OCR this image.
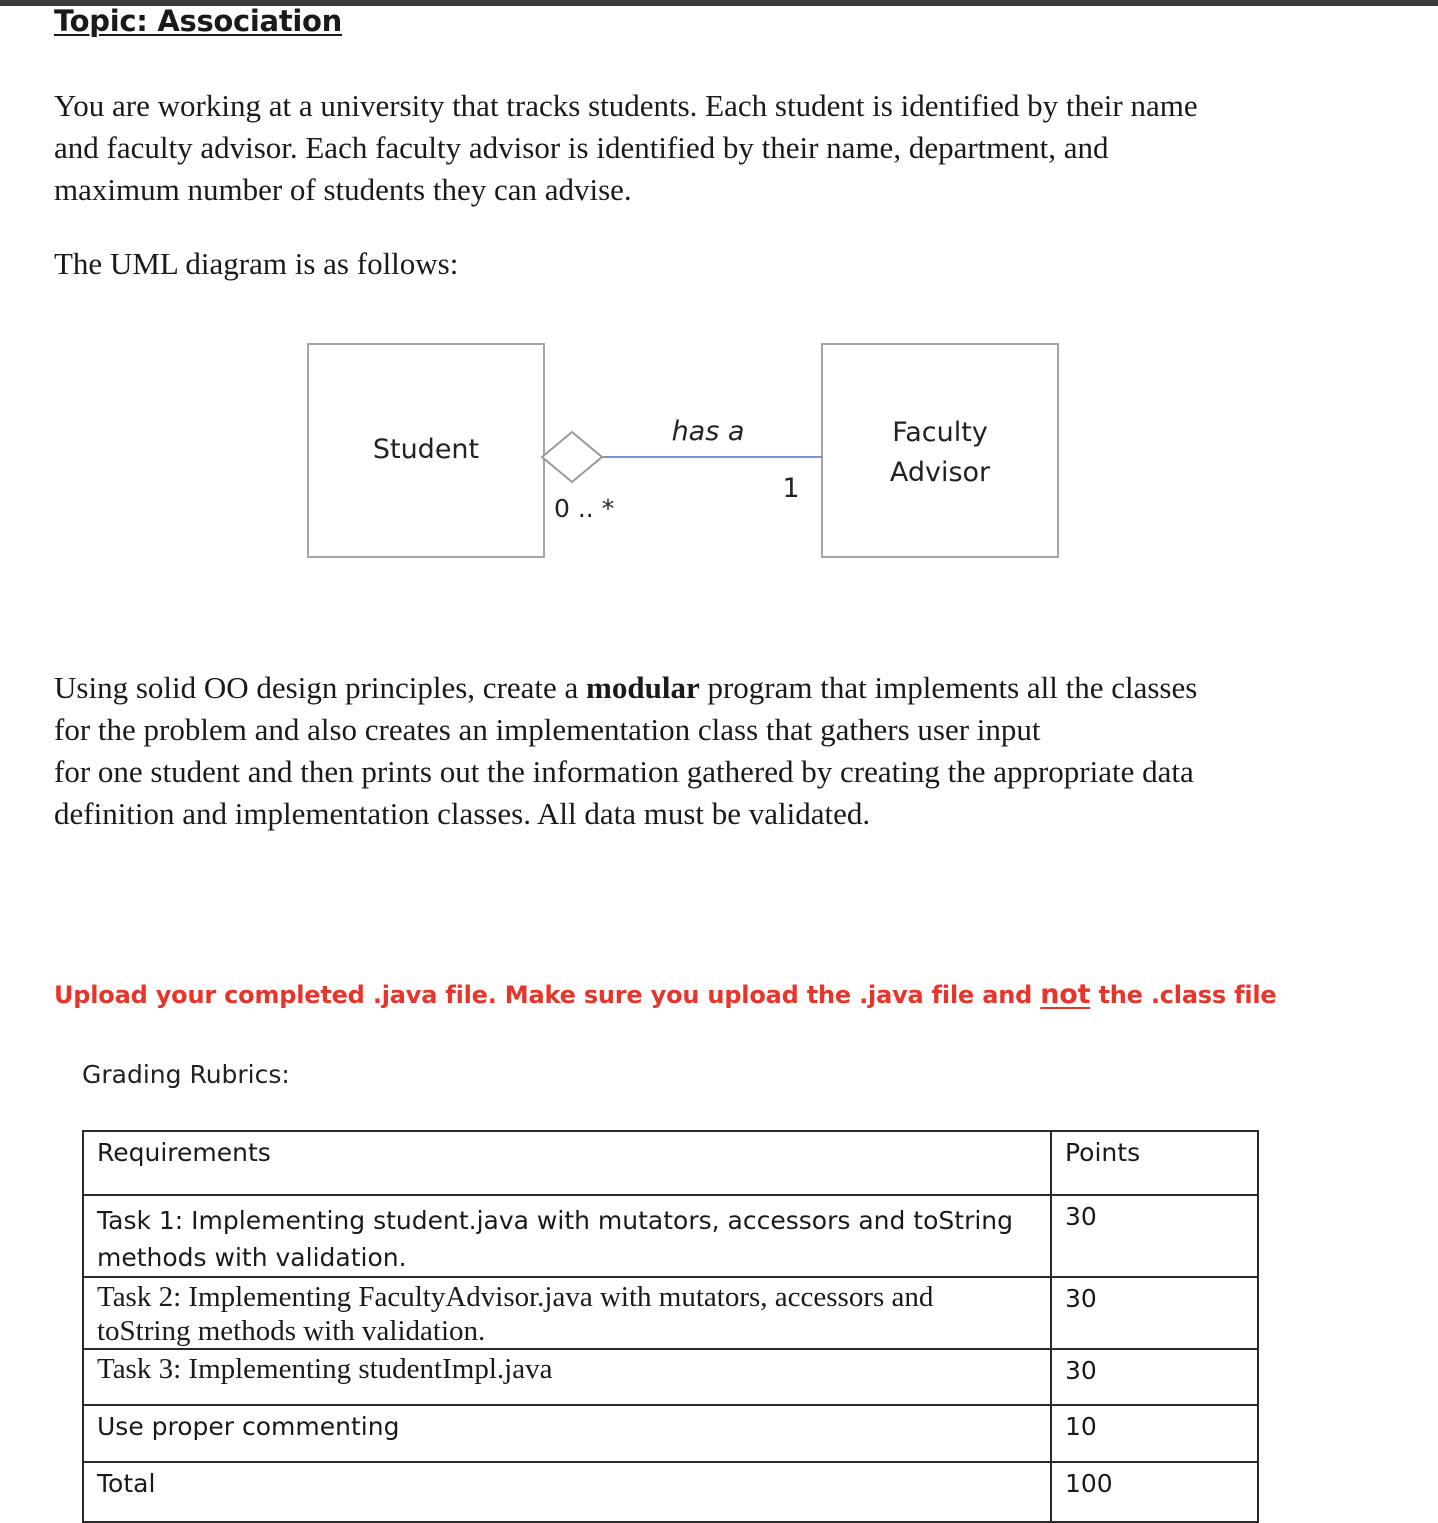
Topic: Association

You are working at a university that tracks students. Each student is identified by their name
and faculty advisor. Each faculty advisor is identified by their name, department, and
maximum number of students they can advise.

The UML diagram is as follows:

Student
Faculty
Advisor
has a
1
0 .. *

Using solid OO design principles, create a modular program that implements all the classes
for the problem and also creates an implementation class that gathers user input
for one student and then prints out the information gathered by creating the appropriate data
definition and implementation classes. All data must be validated.

Upload your completed .java file. Make sure you upload the .java file and not the .class file
Grading Rubrics:
Requirements	Points

Task 1: Implementing student.java with mutators, accessors and toString
methods with validation.	30

Task 2: Implementing FacultyAdvisor.java with mutators, accessors and
toString methods with validation.	30
Task 3: Implementing studentImpl.java	30
Use proper commenting	10
Total	100
